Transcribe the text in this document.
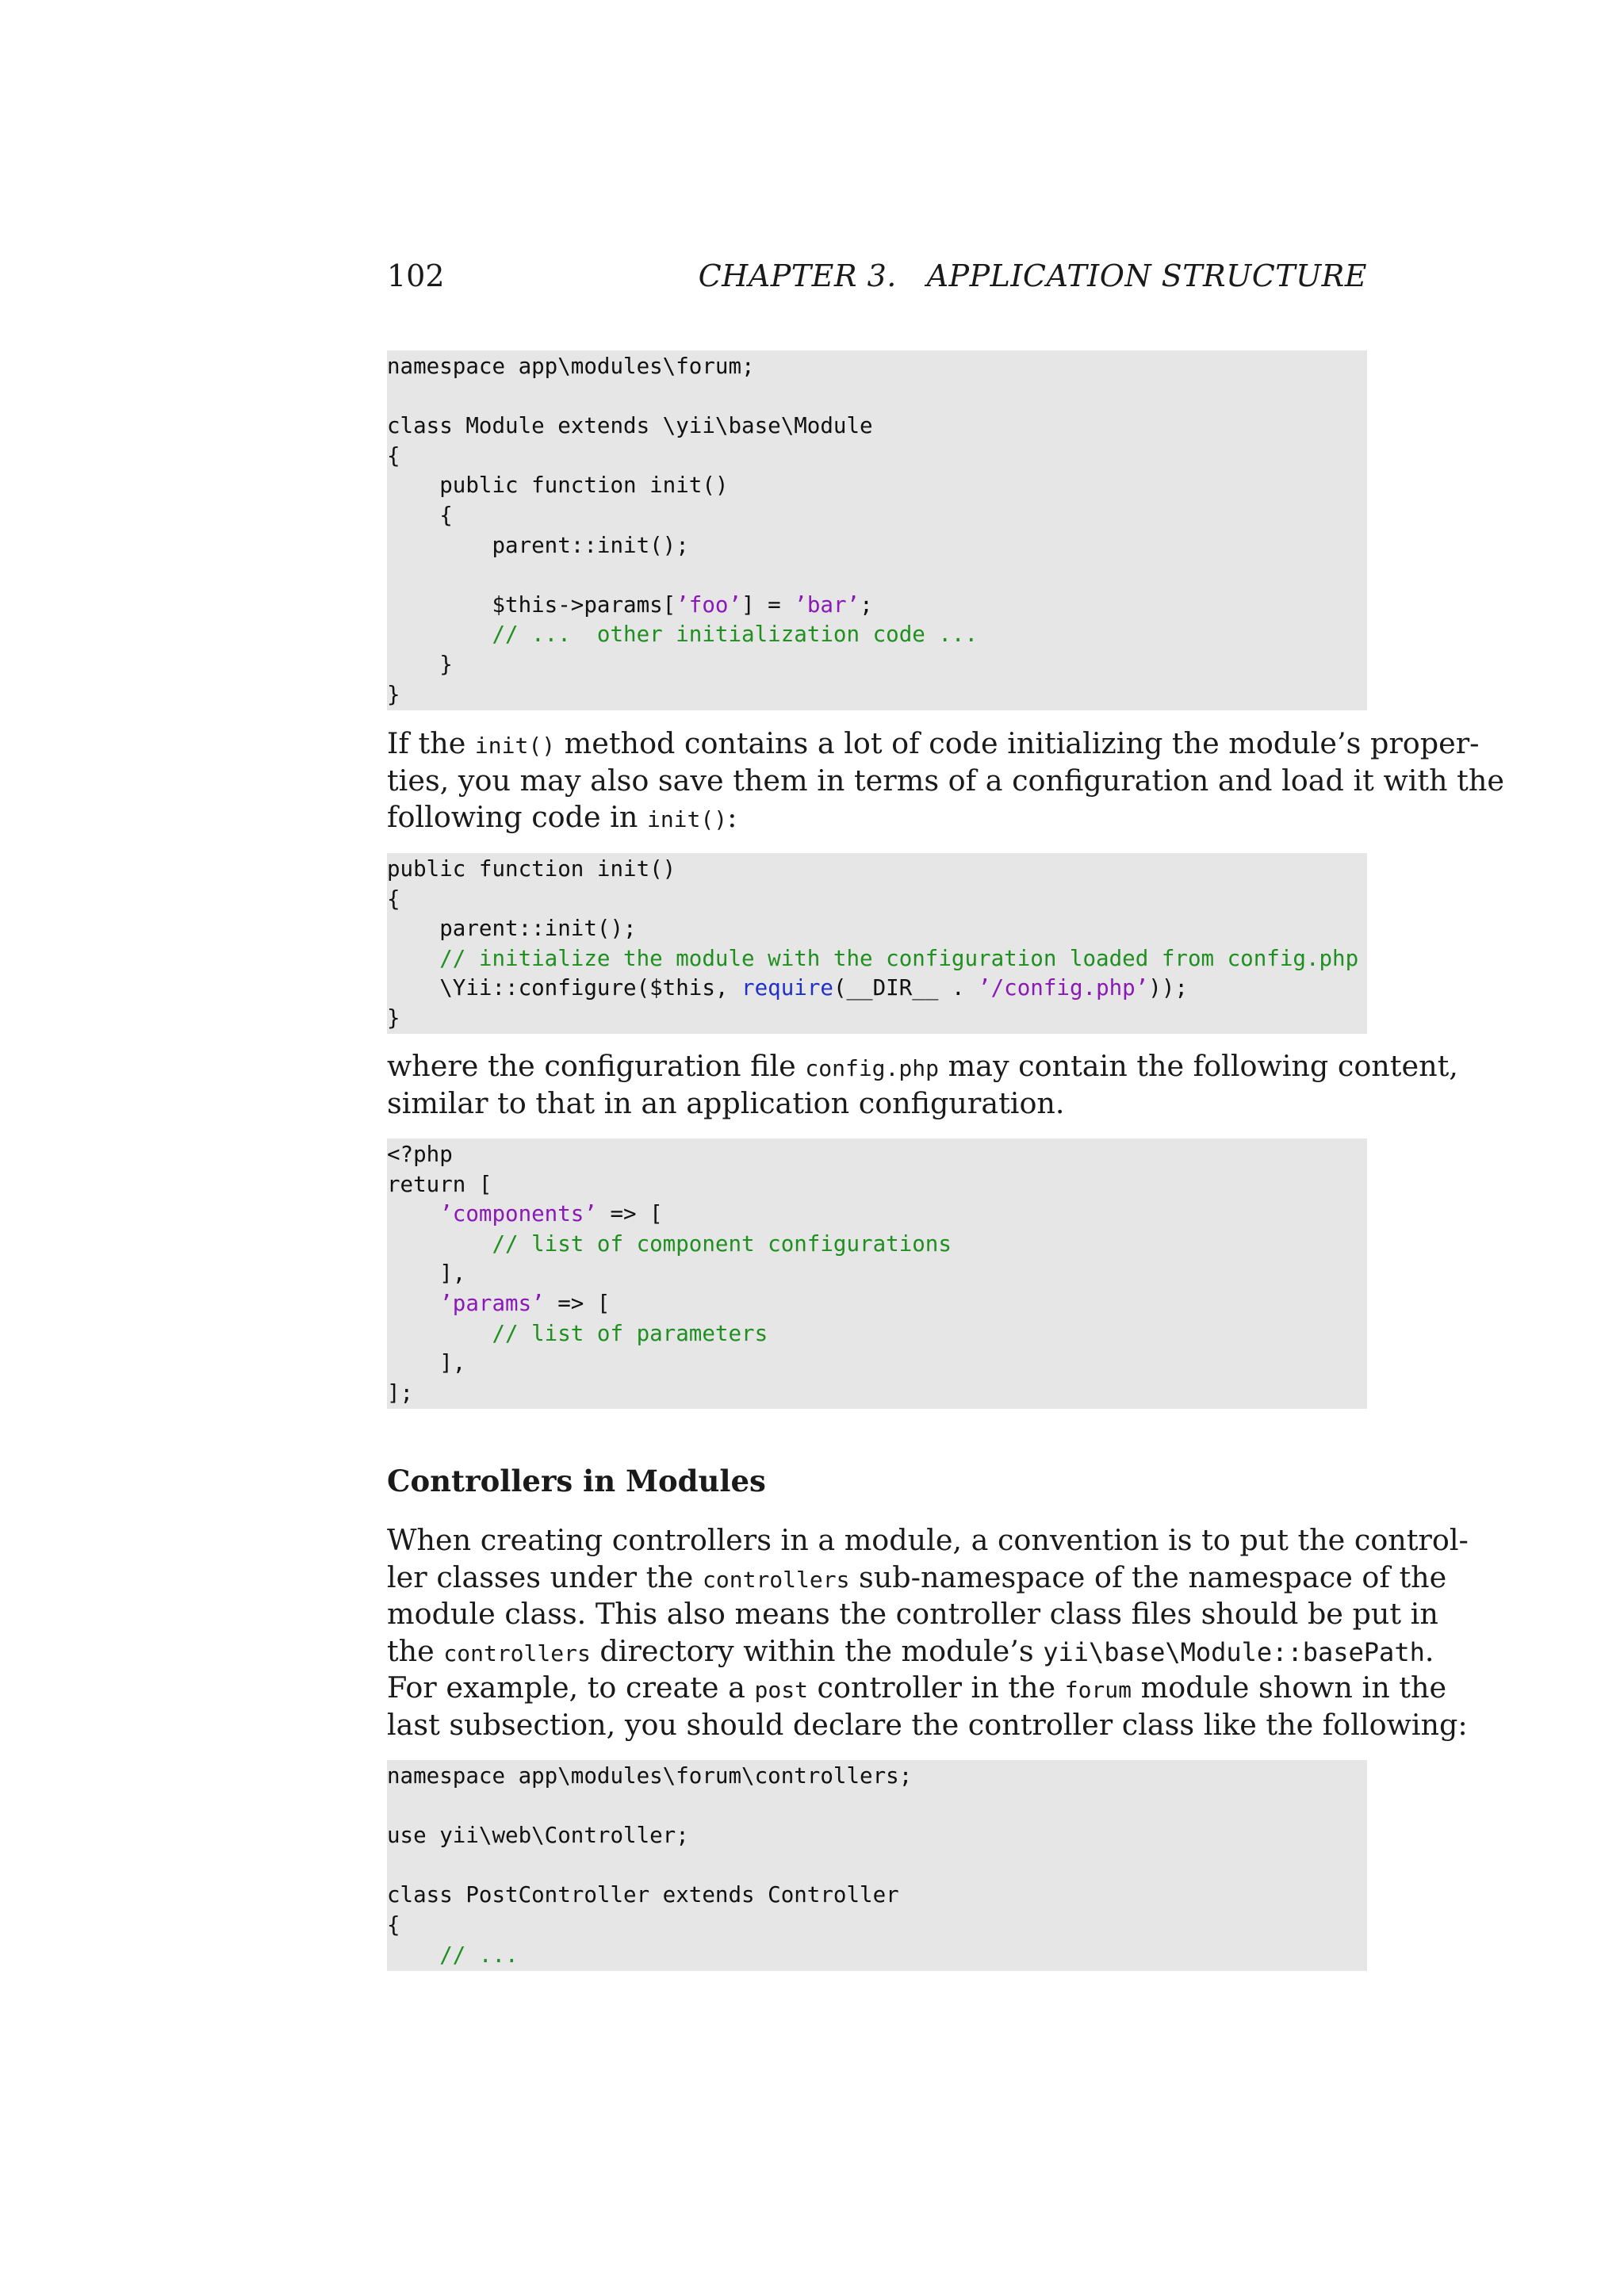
102	CHAPTER 3.   APPLICATION STRUCTURE
namespace app\modules\forum;

class Module extends \yii\base\Module
{
public function init()
{
parent::init();

$this->params[’foo’] = ’bar’;
// ...  other initialization code ...
}
}
If the init() method contains a lot of code initializing the module’s proper-
ties, you may also save them in terms of a configuration and load it with the
following code in init():
public function init()
{
parent::init();
// initialize the module with the configuration loaded from config.php
\Yii::configure($this, require(__DIR__ . ’/config.php’));
}
where the configuration file config.php may contain the following content,
similar to that in an application configuration.
<?php
return [
’components’ => [
// list of component configurations
],
’params’ => [
// list of parameters
],
];
Controllers in Modules
When creating controllers in a module, a convention is to put the control-
ler classes under the controllers sub-namespace of the namespace of the
module class. This also means the controller class files should be put in
the controllers directory within the module’s yii\base\Module::basePath.
For example, to create a post controller in the forum module shown in the
last subsection, you should declare the controller class like the following:
namespace app\modules\forum\controllers;

use yii\web\Controller;

class PostController extends Controller
{
// ...
